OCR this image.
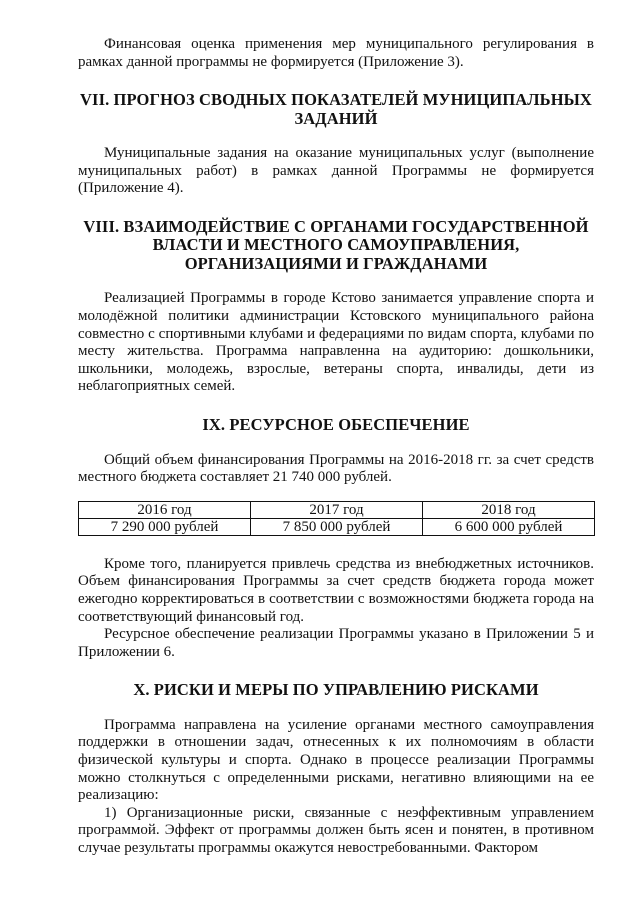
Финансовая оценка применения мер муниципального регулирования в рамках данной программы не формируется (Приложение 3).

VII. ПРОГНОЗ СВОДНЫХ ПОКАЗАТЕЛЕЙ МУНИЦИПАЛЬНЫХ
ЗАДАНИЙ

Муниципальные задания на оказание муниципальных услуг (выполнение муниципальных работ) в рамках данной Программы не формируется (Приложение 4).

VIII. ВЗАИМОДЕЙСТВИЕ С ОРГАНАМИ ГОСУДАРСТВЕННОЙ
ВЛАСТИ И МЕСТНОГО САМОУПРАВЛЕНИЯ,
ОРГАНИЗАЦИЯМИ И ГРАЖДАНАМИ

Реализацией Программы в городе Кстово занимается управление спорта и молодёжной политики администрации Кстовского муниципального района совместно с спортивными клубами и федерациями по видам спорта, клубами по месту жительства. Программа направленна на аудиторию: дошкольники, школьники, молодежь, взрослые, ветераны спорта, инвалиды, дети из неблагоприятных семей.

IX. РЕСУРСНОЕ ОБЕСПЕЧЕНИЕ

Общий объем финансирования Программы на 2016-2018 гг. за счет средств местного бюджета составляет 21 740 000 рублей.

2016 год	2017 год	2018 год
7 290 000 рублей	7 850 000 рублей	6 600 000 рублей

Кроме того, планируется привлечь средства из внебюджетных источников. Объем финансирования Программы за счет средств бюджета города может ежегодно корректироваться в соответствии с возможностями бюджета города на соответствующий финансовый год.

Ресурсное обеспечение реализации Программы указано в Приложении 5 и Приложении 6.

X. РИСКИ И МЕРЫ ПО УПРАВЛЕНИЮ РИСКАМИ

Программа направлена на усиление органами местного самоуправления поддержки в отношении задач, отнесенных к их полномочиям в области физической культуры и спорта. Однако в процессе реализации Программы можно столкнуться с определенными рисками, негативно влияющими на ее реализацию:

1) Организационные риски, связанные с неэффективным управлением программой. Эффект от программы должен быть ясен и понятен, в противном случае результаты программы окажутся невостребованными. Фактором
